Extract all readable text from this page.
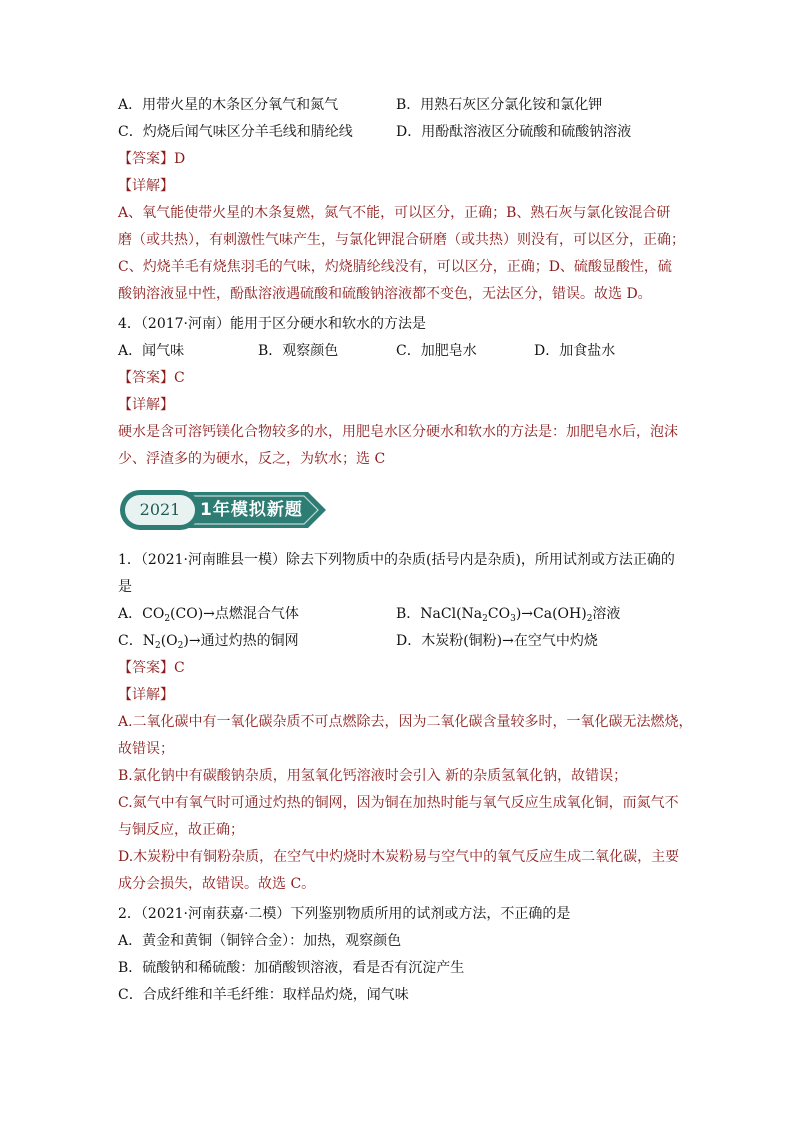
A．用带火星的木条区分氧气和氮气	B．用熟石灰区分氯化铵和氯化钾
C．灼烧后闻气味区分羊毛线和腈纶线	D．用酚酞溶液区分硫酸和硫酸钠溶液
【答案】D
【详解】
A、氧气能使带火星的木条复燃，氮气不能，可以区分，正确；B、熟石灰与氯化铵混合研
磨（或共热），有刺激性气味产生，与氯化钾混合研磨（或共热）则没有，可以区分，正确；
C、灼烧羊毛有烧焦羽毛的气味，灼烧腈纶线没有，可以区分，正确；D、硫酸显酸性，硫
酸钠溶液显中性，酚酞溶液遇硫酸和硫酸钠溶液都不变色，无法区分，错误。故选 D。
4．（2017·河南）能用于区分硬水和软水的方法是
A．闻气味	B．观察颜色	C．加肥皂水	D．加食盐水
【答案】C
【详解】
硬水是含可溶钙镁化合物较多的水，用肥皂水区分硬水和软水的方法是：加肥皂水后，泡沫
少、浮渣多的为硬水，反之，为软水；选 C
2021	1年模拟新题
1．（2021·河南睢县一模）除去下列物质中的杂质(括号内是杂质)，所用试剂或方法正确的
是
A．$CO_2(CO)\to$点燃混合气体	B．$NaCl(Na_2CO_3)\to Ca(OH)_2$溶液
C．$N_2(O_2)\to$通过灼热的铜网	D．木炭粉(铜粉)→在空气中灼烧
【答案】C
【详解】
A.二氧化碳中有一氧化碳杂质不可点燃除去，因为二氧化碳含量较多时，一氧化碳无法燃烧，
故错误；
B.氯化钠中有碳酸钠杂质，用氢氧化钙溶液时会引入 新的杂质氢氧化钠，故错误；
C.氮气中有氧气时可通过灼热的铜网，因为铜在加热时能与氧气反应生成氧化铜，而氮气不
与铜反应，故正确；
D.木炭粉中有铜粉杂质，在空气中灼烧时木炭粉易与空气中的氧气反应生成二氧化碳，主要
成分会损失，故错误。故选 C。
2．（2021·河南获嘉·二模）下列鉴别物质所用的试剂或方法，不正确的是
A．黄金和黄铜（铜锌合金）：加热，观察颜色
B．硫酸钠和稀硫酸：加硝酸钡溶液，看是否有沉淀产生
C．合成纤维和羊毛纤维：取样品灼烧，闻气味
